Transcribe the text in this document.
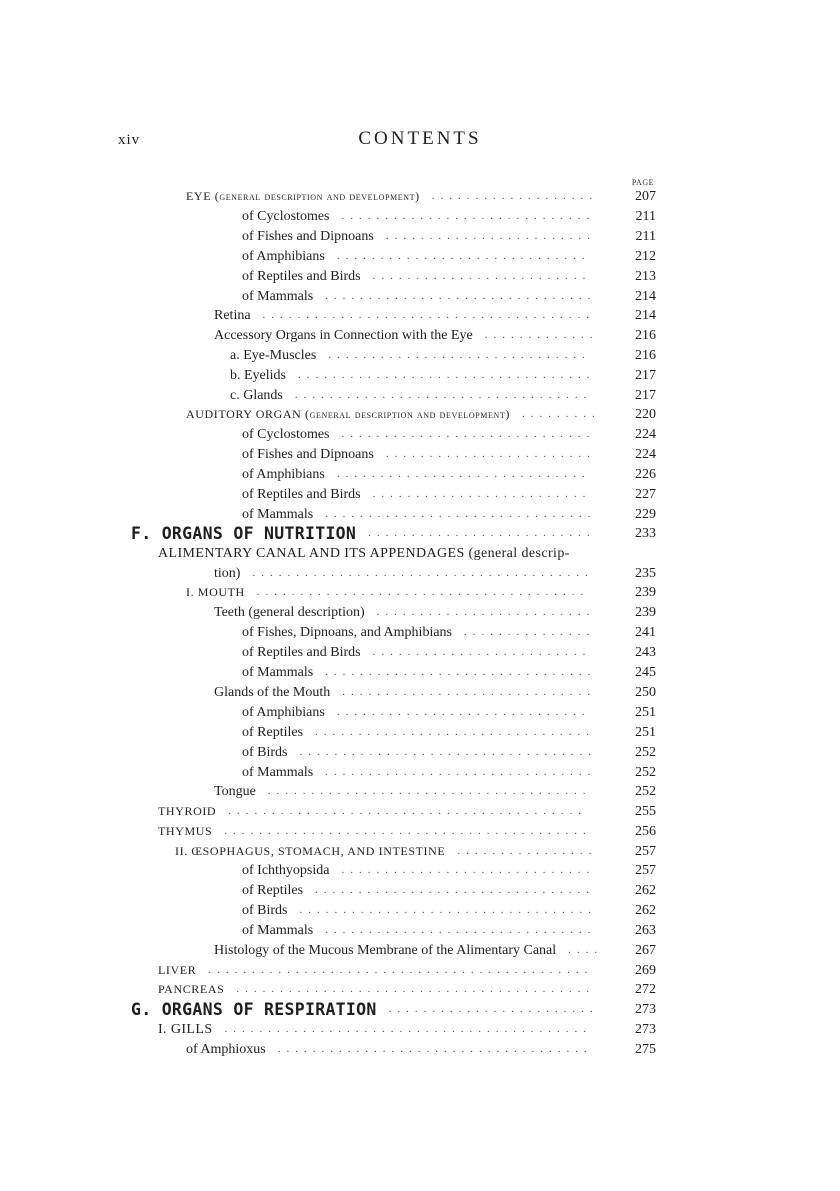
xiv	CONTENTS
PAGE
EYE (general description and development)	207
...................
of Cyclostomes	211
.............................
of Fishes and Dipnoans	211
........................
of Amphibians	212
.............................
of Reptiles and Birds	213
.........................
of Mammals	214
...............................
Retina	214
......................................
Accessory Organs in Connection with the Eye	216
.............
a. Eye-Muscles	216
..............................
b. Eyelids	217
..................................
c. Glands	217
..................................
AUDITORY ORGAN (general description and development)	220
.........
of Cyclostomes	224
.............................
of Fishes and Dipnoans	224
........................
of Amphibians	226
.............................
of Reptiles and Birds	227
.........................
of Mammals	229
...............................
F. ORGANS OF NUTRITION	233
..........................
ALIMENTARY CANAL AND ITS APPENDAGES (general descrip-
tion)	235
.......................................
I. MOUTH	239
......................................
Teeth (general description)	239
.........................
of Fishes, Dipnoans, and Amphibians	241
...............
of Reptiles and Birds	243
.........................
of Mammals	245
...............................
Glands of the Mouth	250
.............................
of Amphibians	251
.............................
of Reptiles	251
................................
of Birds	252
..................................
of Mammals	252
...............................
Tongue	252
.....................................
THYROID	255
.........................................
THYMUS	256
..........................................
II. ŒSOPHAGUS, STOMACH, AND INTESTINE	257
................
of Ichthyopsida	257
.............................
of Reptiles	262
................................
of Birds	262
..................................
of Mammals	263
...............................
Histology of the Mucous Membrane of the Alimentary Canal	267
....
LIVER	269
............................................
PANCREAS	272
.........................................
G. ORGANS OF RESPIRATION	273
........................
I. GILLS	273
..........................................
of Amphioxus	275
....................................
